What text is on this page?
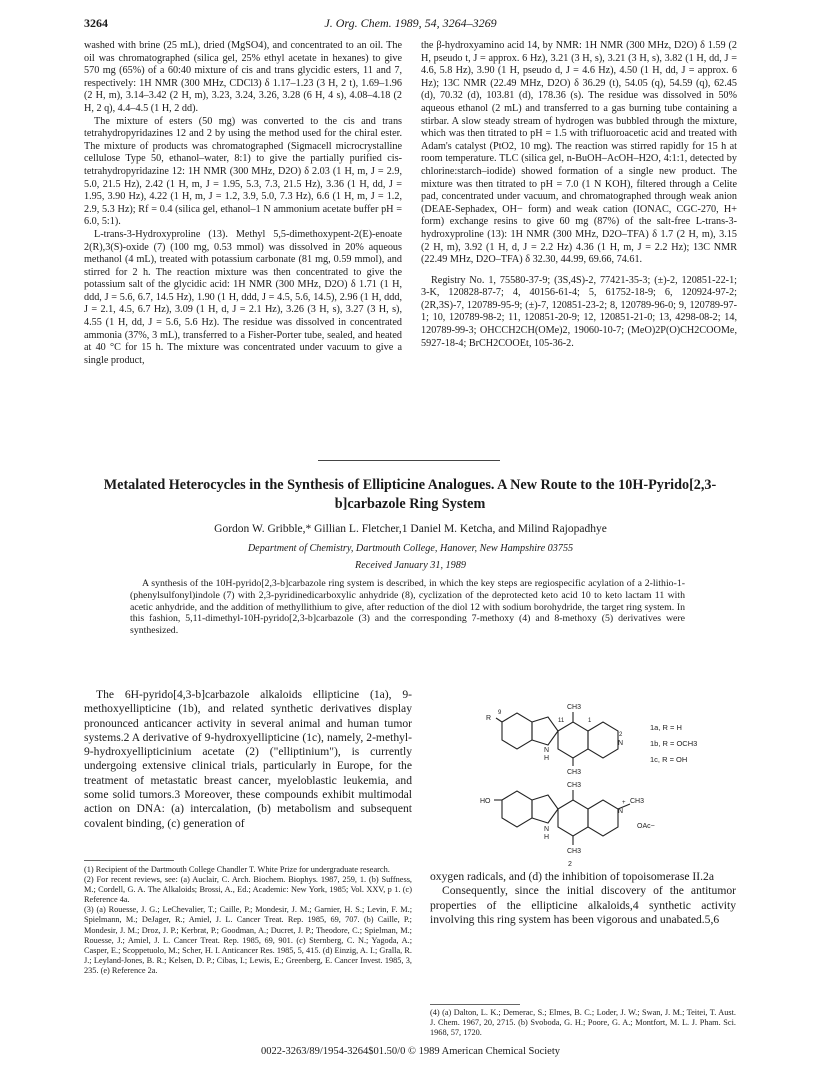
3264	J. Org. Chem. 1989, 54, 3264–3269

washed with brine (25 mL), dried (MgSO4), and concentrated to an oil. The oil was chromatographed (silica gel, 25% ethyl acetate in hexanes) to give 570 mg (65%) of a 60:40 mixture of cis and trans glycidic esters, 11 and 7, respectively: 1H NMR (300 MHz, CDCl3) δ 1.17–1.23 (3 H, 2 t), 1.69–1.96 (2 H, m), 3.14–3.42 (2 H, m), 3.23, 3.24, 3.26, 3.28 (6 H, 4 s), 4.08–4.18 (2 H, 2 q), 4.4–4.5 (1 H, 2 dd).

The mixture of esters (50 mg) was converted to the cis and trans tetrahydropyridazines 12 and 2 by using the method used for the chiral ester. The mixture of products was chromatographed (Sigmacell microcrystalline cellulose Type 50, ethanol–water, 8:1) to give the partially purified cis-tetrahydropyridazine 12: 1H NMR (300 MHz, D2O) δ 2.03 (1 H, m, J = 2.9, 5.0, 21.5 Hz), 2.42 (1 H, m, J = 1.95, 5.3, 7.3, 21.5 Hz), 3.36 (1 H, dd, J = 1.95, 3.90 Hz), 4.22 (1 H, m, J = 1.2, 3.9, 5.0, 7.3 Hz), 6.6 (1 H, m, J = 1.2, 2.9, 5.3 Hz); Rf = 0.4 (silica gel, ethanol–1 N ammonium acetate buffer pH = 6.0, 5:1).

L-trans-3-Hydroxyproline (13). Methyl 5,5-dimethoxypent-2(E)-enoate 2(R),3(S)-oxide (7) (100 mg, 0.53 mmol) was dissolved in 20% aqueous methanol (4 mL), treated with potassium carbonate (81 mg, 0.59 mmol), and stirred for 2 h. The reaction mixture was then concentrated to give the potassium salt of the glycidic acid: 1H NMR (300 MHz, D2O) δ 1.71 (1 H, ddd, J = 5.6, 6.7, 14.5 Hz), 1.90 (1 H, ddd, J = 4.5, 5.6, 14.5), 2.96 (1 H, ddd, J = 2.1, 4.5, 6.7 Hz), 3.09 (1 H, d, J = 2.1 Hz), 3.26 (3 H, s), 3.27 (3 H, s), 4.55 (1 H, dd, J = 5.6, 5.6 Hz). The residue was dissolved in concentrated ammonia (37%, 3 mL), transferred to a Fisher-Porter tube, sealed, and heated at 40 °C for 15 h. The mixture was concentrated under vacuum to give a single product,

the β-hydroxyamino acid 14, by NMR: 1H NMR (300 MHz, D2O) δ 1.59 (2 H, pseudo t, J = approx. 6 Hz), 3.21 (3 H, s), 3.21 (3 H, s), 3.82 (1 H, dd, J = 4.6, 5.8 Hz), 3.90 (1 H, pseudo d, J = 4.6 Hz), 4.50 (1 H, dd, J = approx. 6 Hz); 13C NMR (22.49 MHz, D2O) δ 36.29 (t), 54.05 (q), 54.59 (q), 62.45 (d), 70.32 (d), 103.81 (d), 178.36 (s). The residue was dissolved in 50% aqueous ethanol (2 mL) and transferred to a gas burning tube containing a stirbar. A slow steady stream of hydrogen was bubbled through the mixture, which was then titrated to pH = 1.5 with trifluoroacetic acid and treated with Adam's catalyst (PtO2, 10 mg). The reaction was stirred rapidly for 15 h at room temperature. TLC (silica gel, n-BuOH–AcOH–H2O, 4:1:1, detected by chlorine:starch–iodide) showed formation of a single new product. The mixture was then titrated to pH = 7.0 (1 N KOH), filtered through a Celite pad, concentrated under vacuum, and chromatographed through weak anion (DEAE-Sephadex, OH− form) and weak cation (IONAC, CGC-270, H+ form) exchange resins to give 60 mg (87%) of the salt-free L-trans-3-hydroxyproline (13): 1H NMR (300 MHz, D2O–TFA) δ 1.7 (2 H, m), 3.15 (2 H, m), 3.92 (1 H, d, J = 2.2 Hz) 4.36 (1 H, m, J = 2.2 Hz); 13C NMR (22.49 MHz, D2O–TFA) δ 32.30, 44.99, 69.66, 74.61.

Registry No. 1, 75580-37-9; (3S,4S)-2, 77421-35-3; (±)-2, 120851-22-1; 3-K, 120828-87-7; 4, 40156-61-4; 5, 61752-18-9; 6, 120924-97-2; (2R,3S)-7, 120789-95-9; (±)-7, 120851-23-2; 8, 120789-96-0; 9, 120789-97-1; 10, 120789-98-2; 11, 120851-20-9; 12, 120851-21-0; 13, 4298-08-2; 14, 120789-99-3; OHCCH2CH(OMe)2, 19060-10-7; (MeO)2P(O)CH2COOMe, 5927-18-4; BrCH2COOEt, 105-36-2.

Metalated Heterocycles in the Synthesis of Ellipticine Analogues. A New Route to the 10H-Pyrido[2,3-b]carbazole Ring System
Gordon W. Gribble,* Gillian L. Fletcher,1 Daniel M. Ketcha, and Milind Rajopadhye
Department of Chemistry, Dartmouth College, Hanover, New Hampshire 03755
Received January 31, 1989
A synthesis of the 10H-pyrido[2,3-b]carbazole ring system is described, in which the key steps are regiospecific acylation of a 2-lithio-1-(phenylsulfonyl)indole (7) with 2,3-pyridinedicarboxylic anhydride (8), cyclization of the deprotected keto acid 10 to keto lactam 11 with acetic anhydride, and the addition of methyllithium to give, after reduction of the diol 12 with sodium borohydride, the target ring system. In this fashion, 5,11-dimethyl-10H-pyrido[2,3-b]carbazole (3) and the corresponding 7-methoxy (4) and 8-methoxy (5) derivatives were synthesized.
The 6H-pyrido[4,3-b]carbazole alkaloids ellipticine (1a), 9-methoxyellipticine (1b), and related synthetic derivatives display pronounced anticancer activity in several animal and human tumor systems.2 A derivative of 9-hydroxyellipticine (1c), namely, 2-methyl-9-hydroxyellipticinium acetate (2) ("elliptinium"), is currently undergoing extensive clinical trials, particularly in Europe, for the treatment of metastatic breast cancer, myeloblastic leukemia, and some solid tumors.3 Moreover, these compounds exhibit multimodal action on DNA: (a) intercalation, (b) metabolism and subsequent covalent binding, (c) generation of
R
9
11	1
2
N
N
H
CH3
CH3
1a, R = H
1b, R = OCH3
1c, R = OH
HO
CH3
N
CH3
+
OAc−
N
H
CH3
2

oxygen radicals, and (d) the inhibition of topoisomerase II.2a

Consequently, since the initial discovery of the antitumor properties of the ellipticine alkaloids,4 synthetic activity involving this ring system has been vigorous and unabated.5,6

(1) Recipient of the Dartmouth College Chandler T. White Prize for undergraduate research.

(2) For recent reviews, see: (a) Auclair, C. Arch. Biochem. Biophys. 1987, 259, 1. (b) Suffness, M.; Cordell, G. A. The Alkaloids; Brossi, A., Ed.; Academic: New York, 1985; Vol. XXV, p 1. (c) Reference 4a.

(3) (a) Rouesse, J. G.; LeChevalier, T.; Caille, P.; Mondesir, J. M.; Garnier, H. S.; Levin, F. M.; Spielmann, M.; DeJager, R.; Amiel, J. L. Cancer Treat. Rep. 1985, 69, 707. (b) Caille, P.; Mondesir, J. M.; Droz, J. P.; Kerbrat, P.; Goodman, A.; Ducret, J. P.; Theodore, C.; Spielman, M.; Rouesse, J.; Amiel, J. L. Cancer Treat. Rep. 1985, 69, 901. (c) Sternberg, C. N.; Yagoda, A.; Casper, E.; Scoppetuolo, M.; Scher, H. I. Anticancer Res. 1985, 5, 415. (d) Einzig, A. I.; Gralla, R. J.; Leyland-Jones, B. R.; Kelsen, D. P.; Cibas, I.; Lewis, E.; Greenberg, E. Cancer Invest. 1985, 3, 235. (e) Reference 2a.

(4) (a) Dalton, L. K.; Demerac, S.; Elmes, B. C.; Loder, J. W.; Swan, J. M.; Teitei, T. Aust. J. Chem. 1967, 20, 2715. (b) Svoboda, G. H.; Poore, G. A.; Montfort, M. L. J. Pham. Sci. 1968, 57, 1720.

0022-3263/89/1954-3264$01.50/0 © 1989 American Chemical Society
